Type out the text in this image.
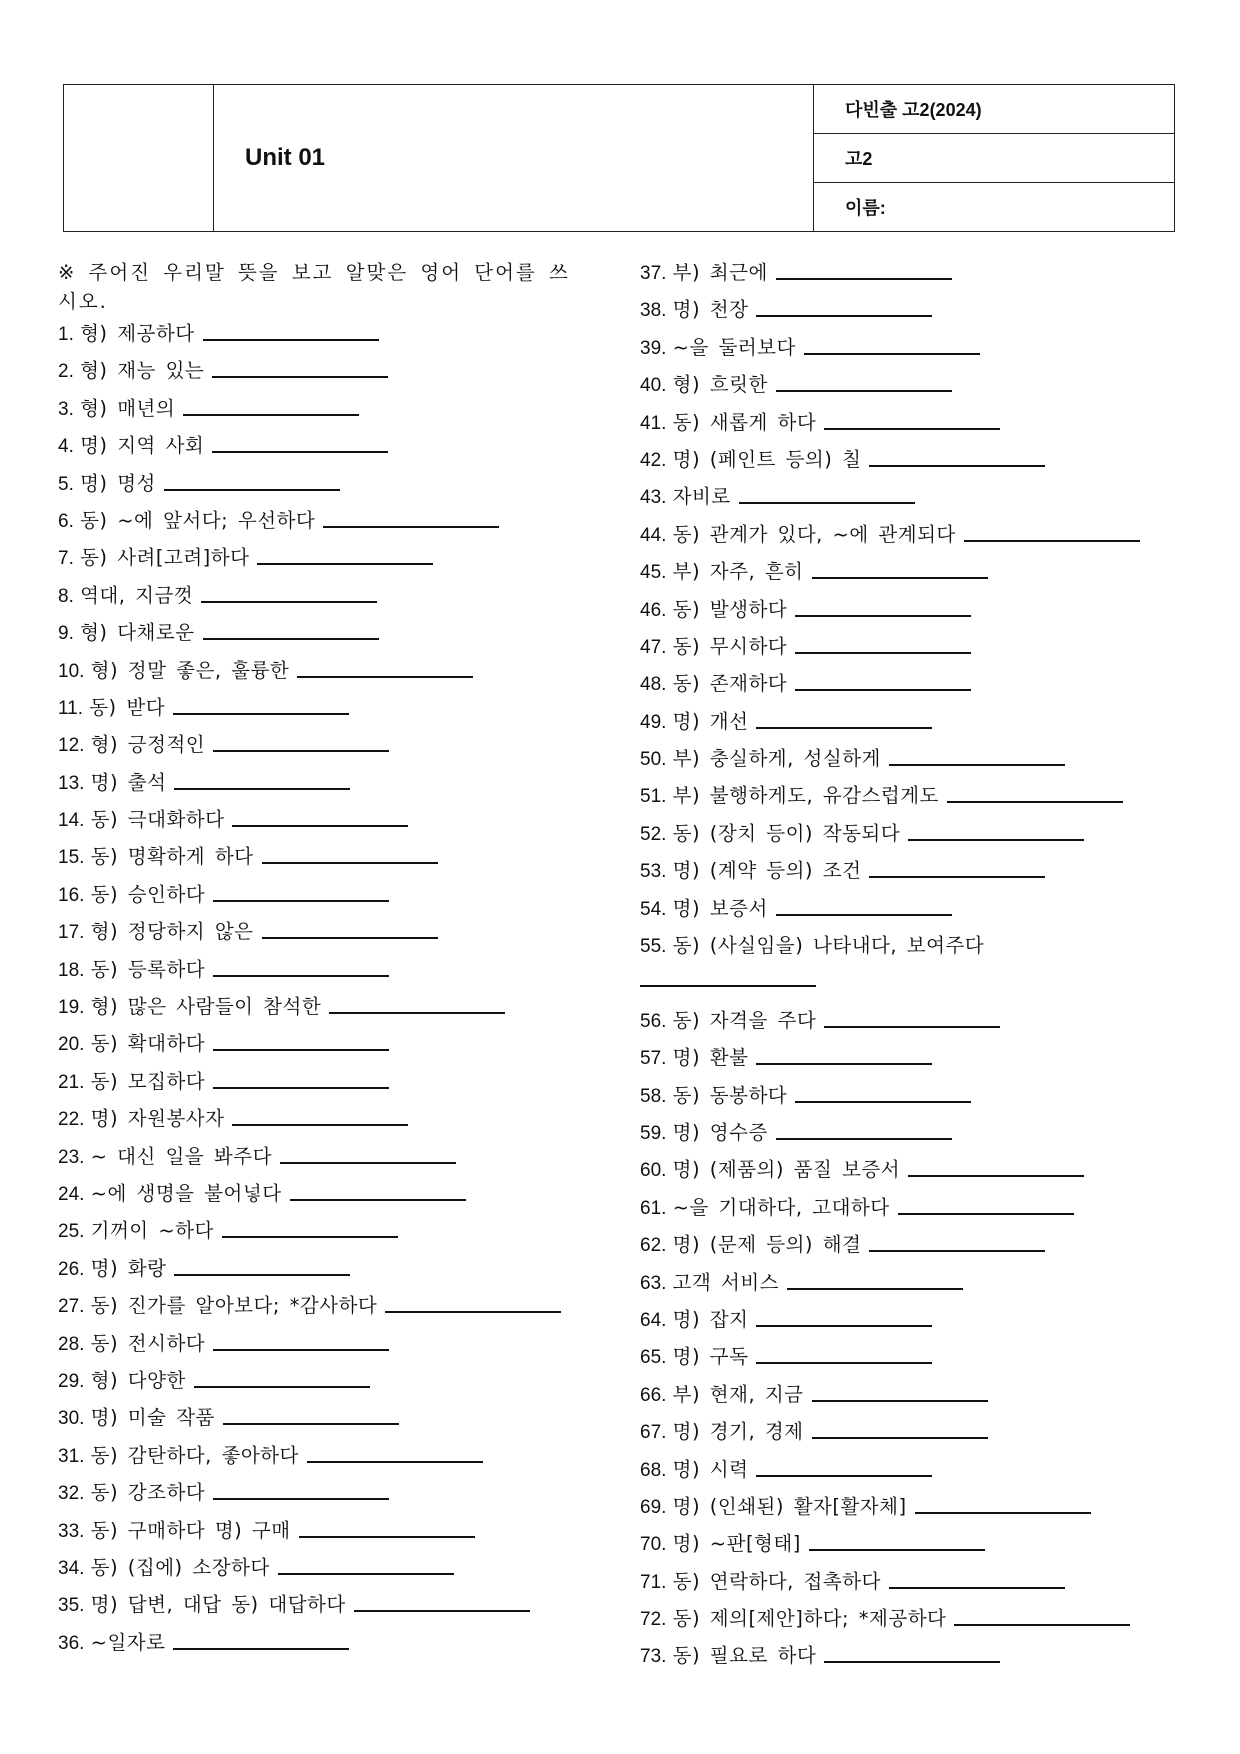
Unit 01
다빈출 고2(2024)
고2
이름:
※ 주어진 우리말 뜻을 보고 알맞은 영어 단어를 쓰시오.
1. 형) 제공하다
2. 형) 재능 있는
3. 형) 매년의
4. 명) 지역 사회
5. 명) 명성
6. 동) ~에 앞서다; 우선하다
7. 동) 사려[고려]하다
8. 역대, 지금껏
9. 형) 다채로운
10. 형) 정말 좋은, 훌륭한
11. 동) 받다
12. 형) 긍정적인
13. 명) 출석
14. 동) 극대화하다
15. 동) 명확하게 하다
16. 동) 승인하다
17. 형) 정당하지 않은
18. 동) 등록하다
19. 형) 많은 사람들이 참석한
20. 동) 확대하다
21. 동) 모집하다
22. 명) 자원봉사자
23. ~ 대신 일을 봐주다
24. ~에 생명을 불어넣다
25. 기꺼이 ~하다
26. 명) 화랑
27. 동) 진가를 알아보다; *감사하다
28. 동) 전시하다
29. 형) 다양한
30. 명) 미술 작품
31. 동) 감탄하다, 좋아하다
32. 동) 강조하다
33. 동) 구매하다 명) 구매
34. 동) (집에) 소장하다
35. 명) 답변, 대답 동) 대답하다
36. ~일자로
37. 부) 최근에
38. 명) 천장
39. ~을 둘러보다
40. 형) 흐릿한
41. 동) 새롭게 하다
42. 명) (페인트 등의) 칠
43. 자비로
44. 동) 관계가 있다, ~에 관계되다
45. 부) 자주, 흔히
46. 동) 발생하다
47. 동) 무시하다
48. 동) 존재하다
49. 명) 개선
50. 부) 충실하게, 성실하게
51. 부) 불행하게도, 유감스럽게도
52. 동) (장치 등이) 작동되다
53. 명) (계약 등의) 조건
54. 명) 보증서
55. 동) (사실임을) 나타내다, 보여주다
56. 동) 자격을 주다
57. 명) 환불
58. 동) 동봉하다
59. 명) 영수증
60. 명) (제품의) 품질 보증서
61. ~을 기대하다, 고대하다
62. 명) (문제 등의) 해결
63. 고객 서비스
64. 명) 잡지
65. 명) 구독
66. 부) 현재, 지금
67. 명) 경기, 경제
68. 명) 시력
69. 명) (인쇄된) 활자[활자체]
70. 명) ~판[형태]
71. 동) 연락하다, 접촉하다
72. 동) 제의[제안]하다; *제공하다
73. 동) 필요로 하다
